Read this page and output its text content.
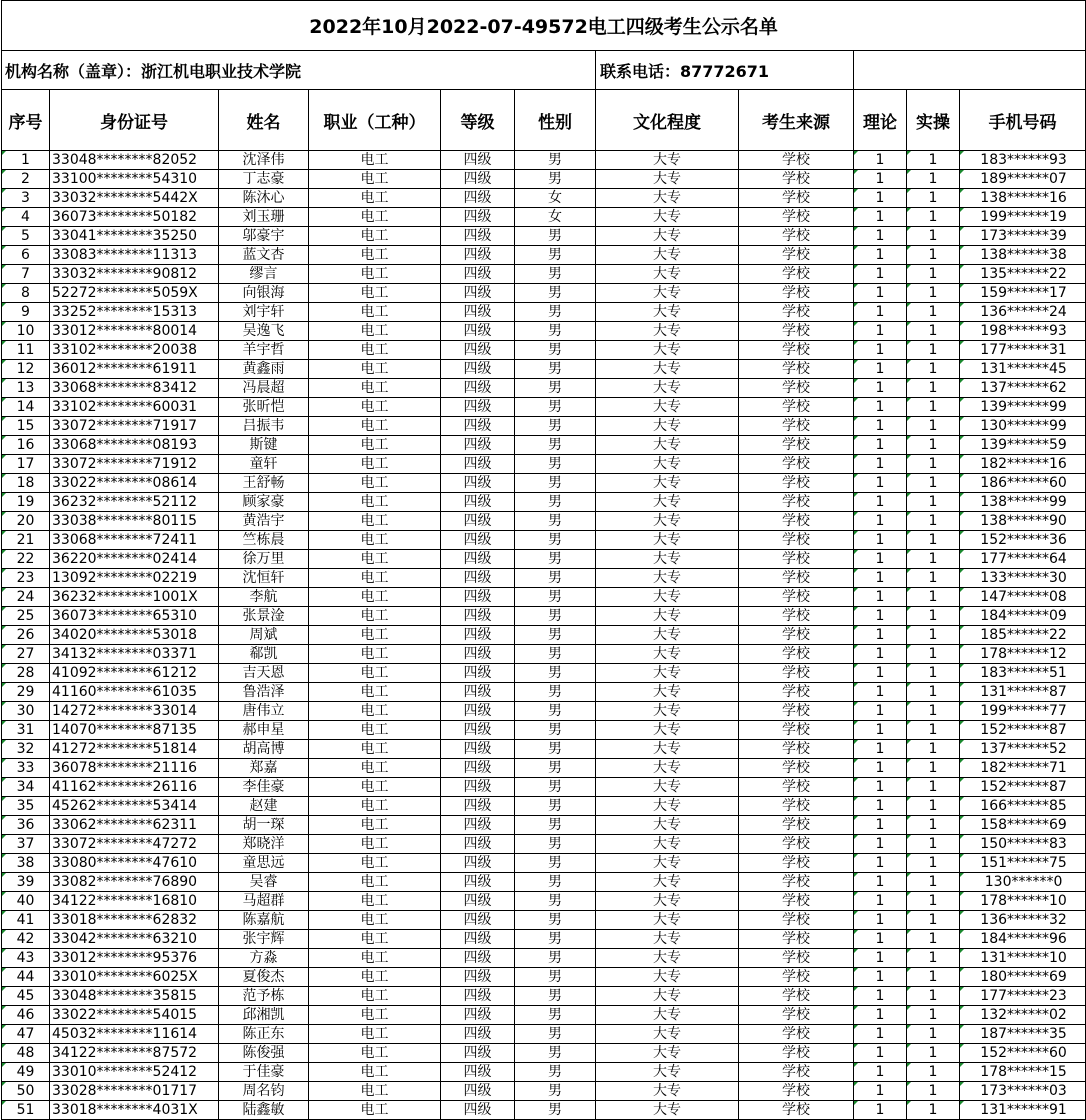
2022年10月2022-07-49572电工四级考生公示名单										
机构名称（盖章）：浙江机电职业技术学院						联系电话：87772671				
序号	身份证号	姓名	职业（工种）	等级	性别	文化程度	考生来源	理论	实操	手机号码
1	33048********82052	沈泽伟	电工	四级	男	大专	学校	1	1	183******93
2	33100********54310	丁志豪	电工	四级	男	大专	学校	1	1	189******07
3	33032********5442X	陈沐心	电工	四级	女	大专	学校	1	1	138******16
4	36073********50182	刘玉珊	电工	四级	女	大专	学校	1	1	199******19
5	33041********35250	邬豪宇	电工	四级	男	大专	学校	1	1	173******39
6	33083********11313	蓝文杏	电工	四级	男	大专	学校	1	1	138******38
7	33032********90812	缪言	电工	四级	男	大专	学校	1	1	135******22
8	52272********5059X	向银海	电工	四级	男	大专	学校	1	1	159******17
9	33252********15313	刘宇轩	电工	四级	男	大专	学校	1	1	136******24
10	33012********80014	吴逸飞	电工	四级	男	大专	学校	1	1	198******93
11	33102********20038	羊宇哲	电工	四级	男	大专	学校	1	1	177******31
12	36012********61911	黄鑫雨	电工	四级	男	大专	学校	1	1	131******45
13	33068********83412	冯晨超	电工	四级	男	大专	学校	1	1	137******62
14	33102********60031	张昕恺	电工	四级	男	大专	学校	1	1	139******99
15	33072********71917	吕振韦	电工	四级	男	大专	学校	1	1	130******99
16	33068********08193	斯键	电工	四级	男	大专	学校	1	1	139******59
17	33072********71912	童轩	电工	四级	男	大专	学校	1	1	182******16
18	33022********08614	王舒畅	电工	四级	男	大专	学校	1	1	186******60
19	36232********52112	顾家豪	电工	四级	男	大专	学校	1	1	138******99
20	33038********80115	黄浩宇	电工	四级	男	大专	学校	1	1	138******90
21	33068********72411	竺栋晨	电工	四级	男	大专	学校	1	1	152******36
22	36220********02414	徐万里	电工	四级	男	大专	学校	1	1	177******64
23	13092********02219	沈恒轩	电工	四级	男	大专	学校	1	1	133******30
24	36232********1001X	李航	电工	四级	男	大专	学校	1	1	147******08
25	36073********65310	张景淦	电工	四级	男	大专	学校	1	1	184******09
26	34020********53018	周斌	电工	四级	男	大专	学校	1	1	185******22
27	34132********03371	郗凯	电工	四级	男	大专	学校	1	1	178******12
28	41092********61212	吉天恩	电工	四级	男	大专	学校	1	1	183******51
29	41160********61035	鲁浩泽	电工	四级	男	大专	学校	1	1	131******87
30	14272********33014	唐伟立	电工	四级	男	大专	学校	1	1	199******77
31	14070********87135	郝申星	电工	四级	男	大专	学校	1	1	152******87
32	41272********51814	胡高博	电工	四级	男	大专	学校	1	1	137******52
33	36078********21116	郑嘉	电工	四级	男	大专	学校	1	1	182******71
34	41162********26116	李佳豪	电工	四级	男	大专	学校	1	1	152******87
35	45262********53414	赵建	电工	四级	男	大专	学校	1	1	166******85
36	33062********62311	胡一琛	电工	四级	男	大专	学校	1	1	158******69
37	33072********47272	郑晓洋	电工	四级	男	大专	学校	1	1	150******83
38	33080********47610	童思远	电工	四级	男	大专	学校	1	1	151******75
39	33082********76890	吴睿	电工	四级	男	大专	学校	1	1	130******0
40	34122********16810	马超群	电工	四级	男	大专	学校	1	1	178******10
41	33018********62832	陈嘉航	电工	四级	男	大专	学校	1	1	136******32
42	33042********63210	张宇辉	电工	四级	男	大专	学校	1	1	184******96
43	33012********95376	方淼	电工	四级	男	大专	学校	1	1	131******10
44	33010********6025X	夏俊杰	电工	四级	男	大专	学校	1	1	180******69
45	33048********35815	范予栋	电工	四级	男	大专	学校	1	1	177******23
46	33022********54015	邱湘凯	电工	四级	男	大专	学校	1	1	132******02
47	45032********11614	陈正东	电工	四级	男	大专	学校	1	1	187******35
48	34122********87572	陈俊强	电工	四级	男	大专	学校	1	1	152******60
49	33010********52412	于佳豪	电工	四级	男	大专	学校	1	1	178******15
50	33028********01717	周名钧	电工	四级	男	大专	学校	1	1	173******03
51	33018********4031X	陆鑫敏	电工	四级	男	大专	学校	1	1	131******91
